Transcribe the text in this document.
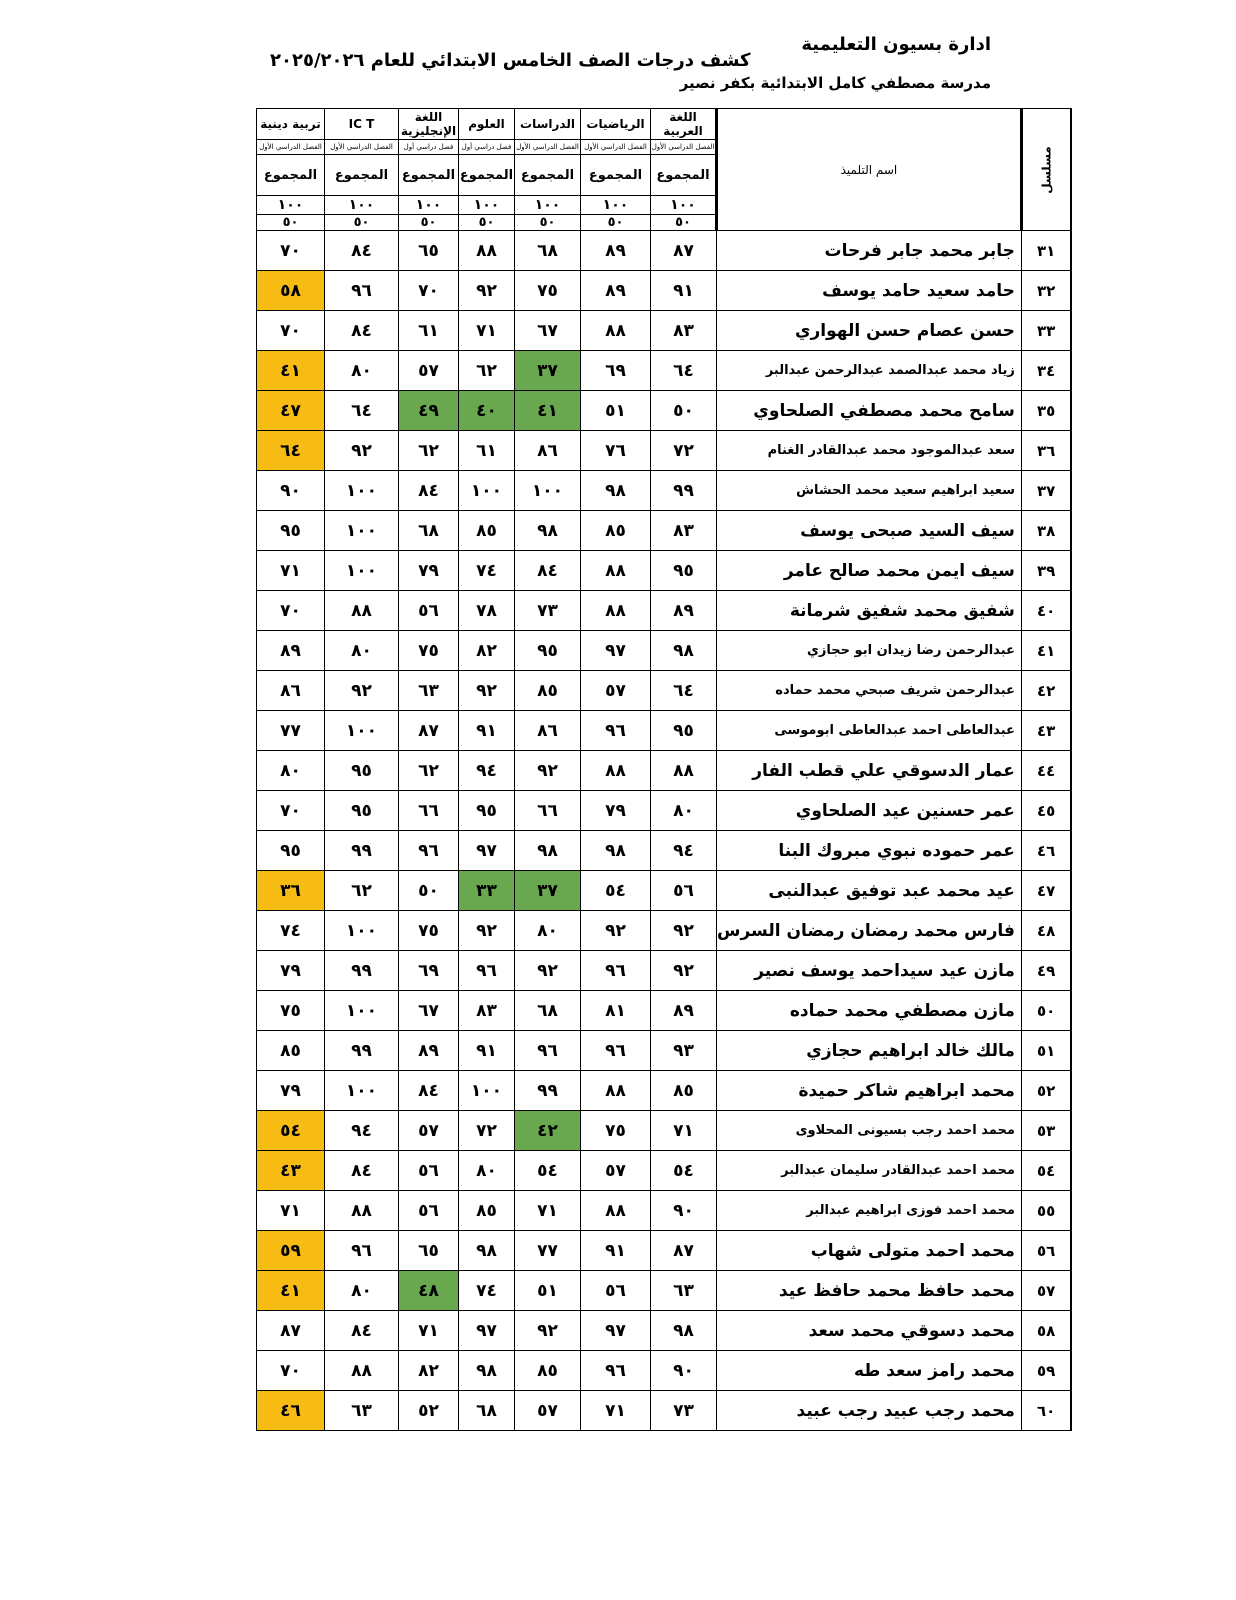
ادارة بسيون التعليمية
مدرسة مصطفي كامل الابتدائية بكفر نصير
كشف درجات الصف الخامس الابتدائي للعام ٢٠٢٥/٢٠٢٦
مسلسل	اسم التلميذ	اللغة العربية	الرياضيات	الدراسات	العلوم	اللغة الإنجليزية	IC T	تربية دينية
		الفصل الدراسي الأول	الفصل الدراسي الأول	الفصل الدراسي الأول	فصل دراسي أول	فصل دراسي أول	الفصل الدراسي الأول	الفصل الدراسي الأول
		المجموع	المجموع	المجموع	المجموع	المجموع	المجموع	المجموع
		١٠٠	١٠٠	١٠٠	١٠٠	١٠٠	١٠٠	١٠٠
		٥٠	٥٠	٥٠	٥٠	٥٠	٥٠	٥٠
٣١	جابر محمد جابر فرحات	٨٧	٨٩	٦٨	٨٨	٦٥	٨٤	٧٠
٣٢	حامد سعيد حامد يوسف	٩١	٨٩	٧٥	٩٢	٧٠	٩٦	٥٨
٣٣	حسن عصام حسن الهواري	٨٣	٨٨	٦٧	٧١	٦١	٨٤	٧٠
٣٤	زياد محمد عبدالصمد عبدالرحمن عبدالبر	٦٤	٦٩	٣٧	٦٢	٥٧	٨٠	٤١
٣٥	سامح محمد مصطفي الصلحاوي	٥٠	٥١	٤١	٤٠	٤٩	٦٤	٤٧
٣٦	سعد عبدالموجود محمد عبدالقادر الغنام	٧٢	٧٦	٨٦	٦١	٦٢	٩٢	٦٤
٣٧	سعيد ابراهيم سعيد محمد الحشاش	٩٩	٩٨	١٠٠	١٠٠	٨٤	١٠٠	٩٠
٣٨	سيف السيد صبحى يوسف	٨٣	٨٥	٩٨	٨٥	٦٨	١٠٠	٩٥
٣٩	سيف ايمن محمد صالح عامر	٩٥	٨٨	٨٤	٧٤	٧٩	١٠٠	٧١
٤٠	شفيق محمد شفيق شرمانة	٨٩	٨٨	٧٣	٧٨	٥٦	٨٨	٧٠
٤١	عبدالرحمن رضا زيدان ابو حجازي	٩٨	٩٧	٩٥	٨٢	٧٥	٨٠	٨٩
٤٢	عبدالرحمن شريف صبحي محمد حماده	٦٤	٥٧	٨٥	٩٢	٦٣	٩٢	٨٦
٤٣	عبدالعاطى احمد عبدالعاطى ابوموسى	٩٥	٩٦	٨٦	٩١	٨٧	١٠٠	٧٧
٤٤	عمار الدسوقي علي قطب الفار	٨٨	٨٨	٩٢	٩٤	٦٢	٩٥	٨٠
٤٥	عمر حسنين عيد الصلحاوي	٨٠	٧٩	٦٦	٩٥	٦٦	٩٥	٧٠
٤٦	عمر حموده نبوي مبروك البنا	٩٤	٩٨	٩٨	٩٧	٩٦	٩٩	٩٥
٤٧	عيد محمد عبد توفيق عبدالنبى	٥٦	٥٤	٣٧	٣٣	٥٠	٦٢	٣٦
٤٨	فارس محمد رمضان رمضان السرس	٩٢	٩٢	٨٠	٩٢	٧٥	١٠٠	٧٤
٤٩	مازن عيد سيداحمد يوسف نصير	٩٢	٩٦	٩٢	٩٦	٦٩	٩٩	٧٩
٥٠	مازن مصطفي محمد حماده	٨٩	٨١	٦٨	٨٣	٦٧	١٠٠	٧٥
٥١	مالك خالد ابراهيم حجازي	٩٣	٩٦	٩٦	٩١	٨٩	٩٩	٨٥
٥٢	محمد ابراهيم شاكر حميدة	٨٥	٨٨	٩٩	١٠٠	٨٤	١٠٠	٧٩
٥٣	محمد احمد رجب بسيونى المحلاوى	٧١	٧٥	٤٢	٧٢	٥٧	٩٤	٥٤
٥٤	محمد احمد عبدالقادر سليمان عبدالبر	٥٤	٥٧	٥٤	٨٠	٥٦	٨٤	٤٣
٥٥	محمد احمد فوزى ابراهيم عبدالبر	٩٠	٨٨	٧١	٨٥	٥٦	٨٨	٧١
٥٦	محمد احمد متولى شهاب	٨٧	٩١	٧٧	٩٨	٦٥	٩٦	٥٩
٥٧	محمد حافظ محمد حافظ عيد	٦٣	٥٦	٥١	٧٤	٤٨	٨٠	٤١
٥٨	محمد دسوقي محمد سعد	٩٨	٩٧	٩٢	٩٧	٧١	٨٤	٨٧
٥٩	محمد رامز سعد طه	٩٠	٩٦	٨٥	٩٨	٨٢	٨٨	٧٠
٦٠	محمد رجب عبيد رجب عبيد	٧٣	٧١	٥٧	٦٨	٥٢	٦٣	٤٦
